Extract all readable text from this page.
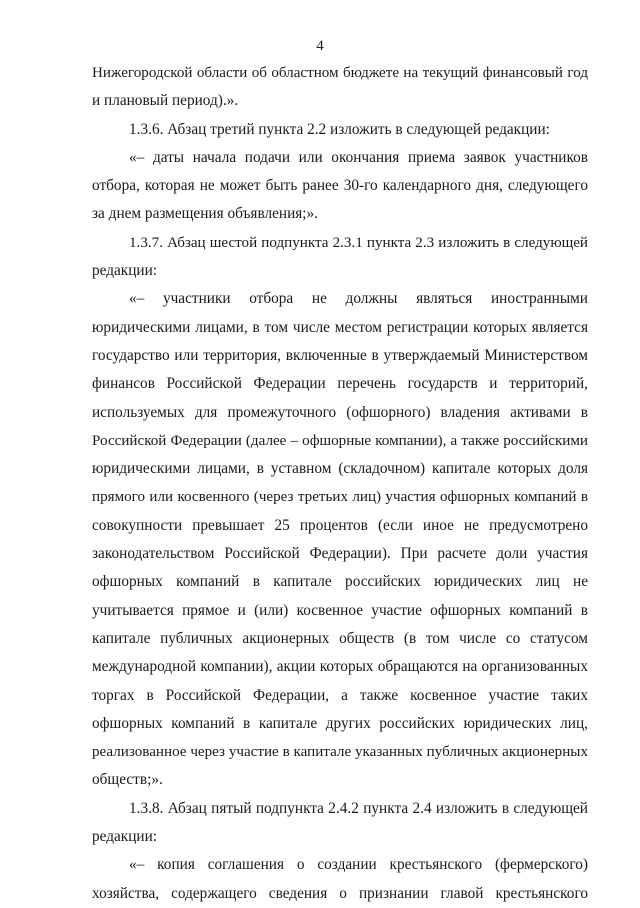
4
Нижегородской области об областном бюджете на текущий финансовый год
и плановый период).».
1.3.6. Абзац третий пункта 2.2 изложить в следующей редакции:
«– даты начала подачи или окончания приема заявок участников
отбора, которая не может быть ранее 30-го календарного дня, следующего
за днем размещения объявления;».
1.3.7. Абзац шестой подпункта 2.3.1 пункта 2.3 изложить в следующей
редакции:
«– участники отбора не должны являться иностранными
юридическими лицами, в том числе местом регистрации которых является
государство или территория, включенные в утверждаемый Министерством
финансов Российской Федерации перечень государств и территорий,
используемых для промежуточного (офшорного) владения активами в
Российской Федерации (далее – офшорные компании), а также российскими
юридическими лицами, в уставном (складочном) капитале которых доля
прямого или косвенного (через третьих лиц) участия офшорных компаний в
совокупности превышает 25 процентов (если иное не предусмотрено
законодательством Российской Федерации). При расчете доли участия
офшорных компаний в капитале российских юридических лиц не
учитывается прямое и (или) косвенное участие офшорных компаний в
капитале публичных акционерных обществ (в том числе со статусом
международной компании), акции которых обращаются на организованных
торгах в Российской Федерации, а также косвенное участие таких
офшорных компаний в капитале других российских юридических лиц,
реализованное через участие в капитале указанных публичных акционерных
обществ;».
1.3.8. Абзац пятый подпункта 2.4.2 пункта 2.4 изложить в следующей
редакции:
«– копия соглашения о создании крестьянского (фермерского)
хозяйства, содержащего сведения о признании главой крестьянского
